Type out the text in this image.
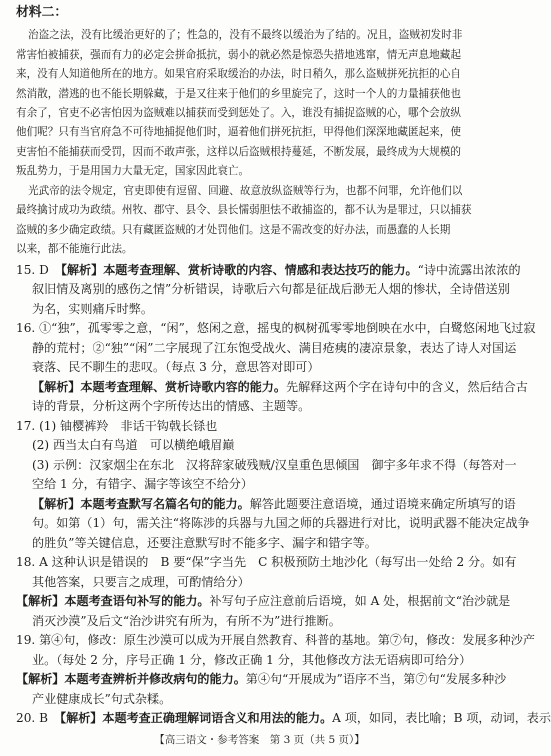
材料二：
治盗之法，没有比缓治更好的了；性急的，没有不最终以缓治为了结的。况且，盗贼初发时非
常害怕被捕获，强而有力的必定会拼命抵抗，弱小的就必然是惊恐失措地逃窜，情无声息地藏起
来，没有人知道他所在的地方。如果官府采取缓治的办法，时日稍久，那么盗贼拼死抗拒的心自
然消散，潜逃的也不能长期躲藏，于是又往来于他们的乡里旋完了，这时一个人的力量捕获他也
有余了，官吏不必害怕因为盗贼难以捕获而受到惩处了。入，谁没有捕捉盗贼的心，哪个会放纵
他们呢？只有当官府急不可待地捕捉他们时，逼着他们拼死抗拒，甲得他们深深地藏匿起来，使
吏害怕不能捕获而受罚，因而不敢声张，这样以后盗贼根持蔓延，不断发展，最终成为大规模的
叛乱势力，于是用国力大量无定，国家因此衰亡。
光武帝的法令规定，官吏即使有逗留、回避、故意放纵盗贼等行为，也都不问罪，允许他们以
最终擒讨成功为政绩。州牧、郡守、县令、县长懦弱胆怯不敢捕盗的，都不认为是罪过，只以捕获
盗贼的多少确定政绩。只有藏匿盗贼的才处罚他们。这是不需改变的好办法，而愚蠢的人长期
以来，都不能施行此法。
15. D　【解析】本题考查理解、赏析诗歌的内容、情感和表达技巧的能力。“诗中流露出浓浓的
叙旧情及离别的感伤之情”分析错误，诗歌后六句都是征战后渺无人烟的惨状，全诗借送别
为名，实则痛斥时弊。
16. ①“独”，孤零零之意，“闲”，悠闲之意，摇曳的枫树孤零零地倒映在水中，白鹭悠闲地飞过寂
静的荒村；②“独”“闲”二字展现了江东饱受战火、满目疮痍的凄凉景象，表达了诗人对国运
衰落、民不聊生的悲叹。（每点 3 分，意思答对即可）
【解析】本题考查理解、赏析诗歌内容的能力。先解释这两个字在诗句中的含义，然后结合古
诗的背景，分析这两个字所传达出的情感、主题等。
17. (1) 铀樱裤羚　非话干钩戟长铩也
(2) 西当太白有鸟道　可以横绝峨眉巅
(3) 示例：汉家烟尘在东北　汉将辞家破残贼/汉皇重色思倾国　御宇多年求不得（每答对一
空给 1 分，有错字、漏字等该空不给分）
【解析】本题考查默写名篇名句的能力。解答此题要注意语境，通过语境来确定所填写的语
句。如第（1）句，需关注“将陈涉的兵器与九国之师的兵器进行对比，说明武器不能决定战争
的胜负”等关键信息，还要注意默写时不能多字、漏字和错字等。
18. A 这种认识是错误的　B 要“保”字当先　C 积极预防土地沙化（每写出一处给 2 分。如有
其他答案，只要言之成理，可酌情给分）
【解析】本题考查语句补写的能力。补写句子应注意前后语境，如 A 处，根据前文“治沙就是
消灭沙漠”及后文“治沙讲究有所为，有所不为”进行推断。
19. 第④句，修改：原生沙漠可以成为开展自然教育、科普的基地。第⑦句，修改：发展多种沙产
业。（每处 2 分，序号正确 1 分，修改正确 1 分，其他修改方法无语病即可给分）
【解析】本题考查辨析并修改病句的能力。第④句“开展成为”语序不当，第⑦句“发展多种沙
产业健康成长”句式杂糅。
20. B　【解析】本题考查正确理解词语含义和用法的能力。A 项，如同，表比喻；B 项，动词，表示
【高三语文・参考答案　第 3 页（共 5 页）】
